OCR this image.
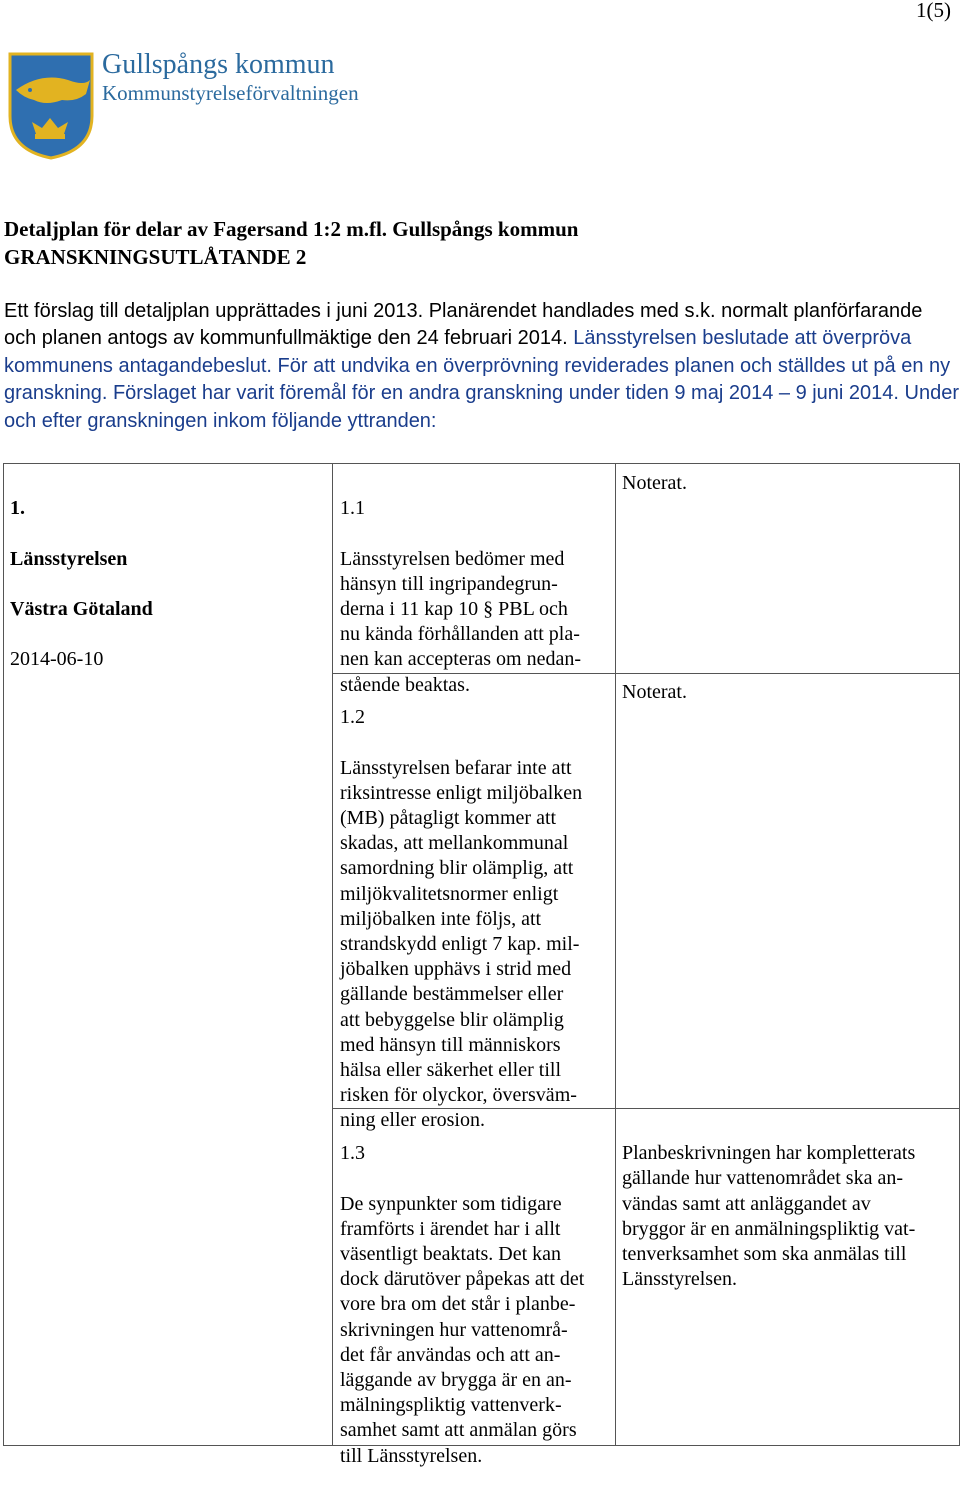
1(5)
Gullspångs kommun
Kommunstyrelseförvaltningen
Detaljplan för delar av Fagersand 1:2 m.fl. Gullspångs kommun
GRANSKNINGSUTLÅTANDE 2

Ett förslag till detaljplan upprättades i juni 2013. Planärendet handlades med s.k. normalt planförfarande och planen antogs av kommunfullmäktige den 24 februari 2014. Länsstyrelsen beslutade att överpröva kommunens antagandebeslut. För att undvika en överprövning reviderades planen och ställdes ut på en ny granskning. Förslaget har varit föremål för en andra granskning under tiden 9 maj 2014 – 9 juni 2014. Under och efter granskningen inkom följande yttranden:

1.

Länsstyrelsen

Västra Götaland

2014-06-10

1.1

Länsstyrelsen bedömer med
hänsyn till ingripandegrun-
derna i 11 kap 10 § PBL och
nu kända förhållanden att pla-
nen kan accepteras om nedan-
stående beaktas.

Noterat.

1.2

Länsstyrelsen befarar inte att
riksintresse enligt miljöbalken
(MB) påtagligt kommer att
skadas, att mellankommunal
samordning blir olämplig, att
miljökvalitetsnormer enligt
miljöbalken inte följs, att
strandskydd enligt 7 kap. mil-
jöbalken upphävs i strid med
gällande bestämmelser eller
att bebyggelse blir olämplig
med hänsyn till människors
hälsa eller säkerhet eller till
risken för olyckor, översväm-
ning eller erosion.

Noterat.

1.3

De synpunkter som tidigare
framförts i ärendet har i allt
väsentligt beaktats. Det kan
dock därutöver påpekas att det
vore bra om det står i planbe-
skrivningen hur vattenområ-
det får användas och att an-
läggande av brygga är en an-
mälningspliktig vattenverk-
samhet samt att anmälan görs
till Länsstyrelsen.

Planbeskrivningen har kompletterats
gällande hur vattenområdet ska an-
vändas samt att anläggandet av
bryggor är en anmälningspliktig vat-
tenverksamhet som ska anmälas till
Länsstyrelsen.
